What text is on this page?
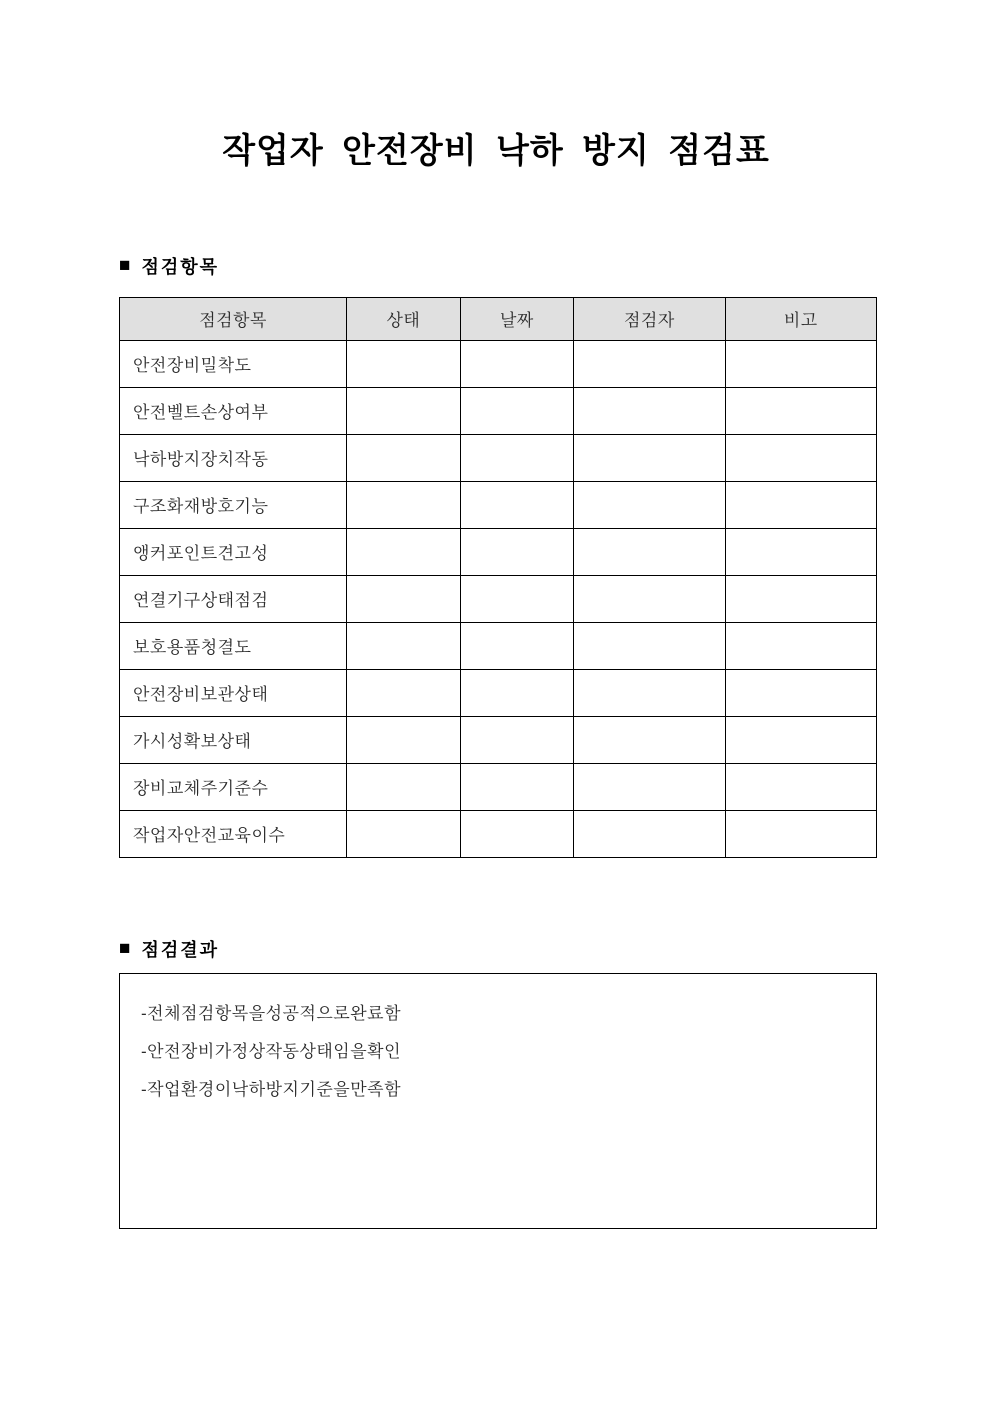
작업자 안전장비 낙하 방지 점검표
■ 점검항목
점검항목	상태	날짜	점검자	비고
안전장비밀착도				
안전벨트손상여부				
낙하방지장치작동				
구조화재방호기능				
앵커포인트견고성				
연결기구상태점검				
보호용품청결도				
안전장비보관상태				
가시성확보상태				
장비교체주기준수				
작업자안전교육이수				
■ 점검결과

-전체점검항목을성공적으로완료함

-안전장비가정상작동상태임을확인

-작업환경이낙하방지기준을만족함
